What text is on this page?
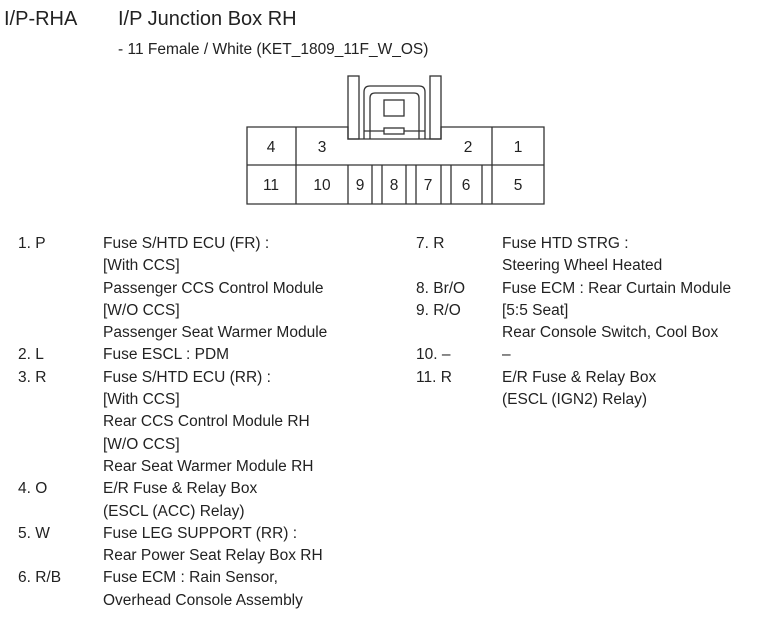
I/P-RHA I/P Junction Box RH
- 11 Female / White (KET_1809_11F_W_OS)
4	3	2	1
11 10 9 8 7 6	5
1. P	Fuse S/HTD ECU (FR) :
[With CCS]
Passenger CCS Control Module
[W/O CCS]
Passenger Seat Warmer Module
2. L	Fuse ESCL : PDM
3. R	Fuse S/HTD ECU (RR) :
[With CCS]
Rear CCS Control Module RH
[W/O CCS]
Rear Seat Warmer Module RH
4. O	E/R Fuse & Relay Box
(ESCL (ACC) Relay)
5. W	Fuse LEG SUPPORT (RR) :
Rear Power Seat Relay Box RH
6. R/B	Fuse ECM : Rain Sensor,
Overhead Console Assembly
7. R	Fuse HTD STRG :
Steering Wheel Heated
8. Br/O	Fuse ECM : Rear Curtain Module
9. R/O	[5:5 Seat]
Rear Console Switch, Cool Box
10. –	–
11. R	E/R Fuse & Relay Box
(ESCL (IGN2) Relay)
